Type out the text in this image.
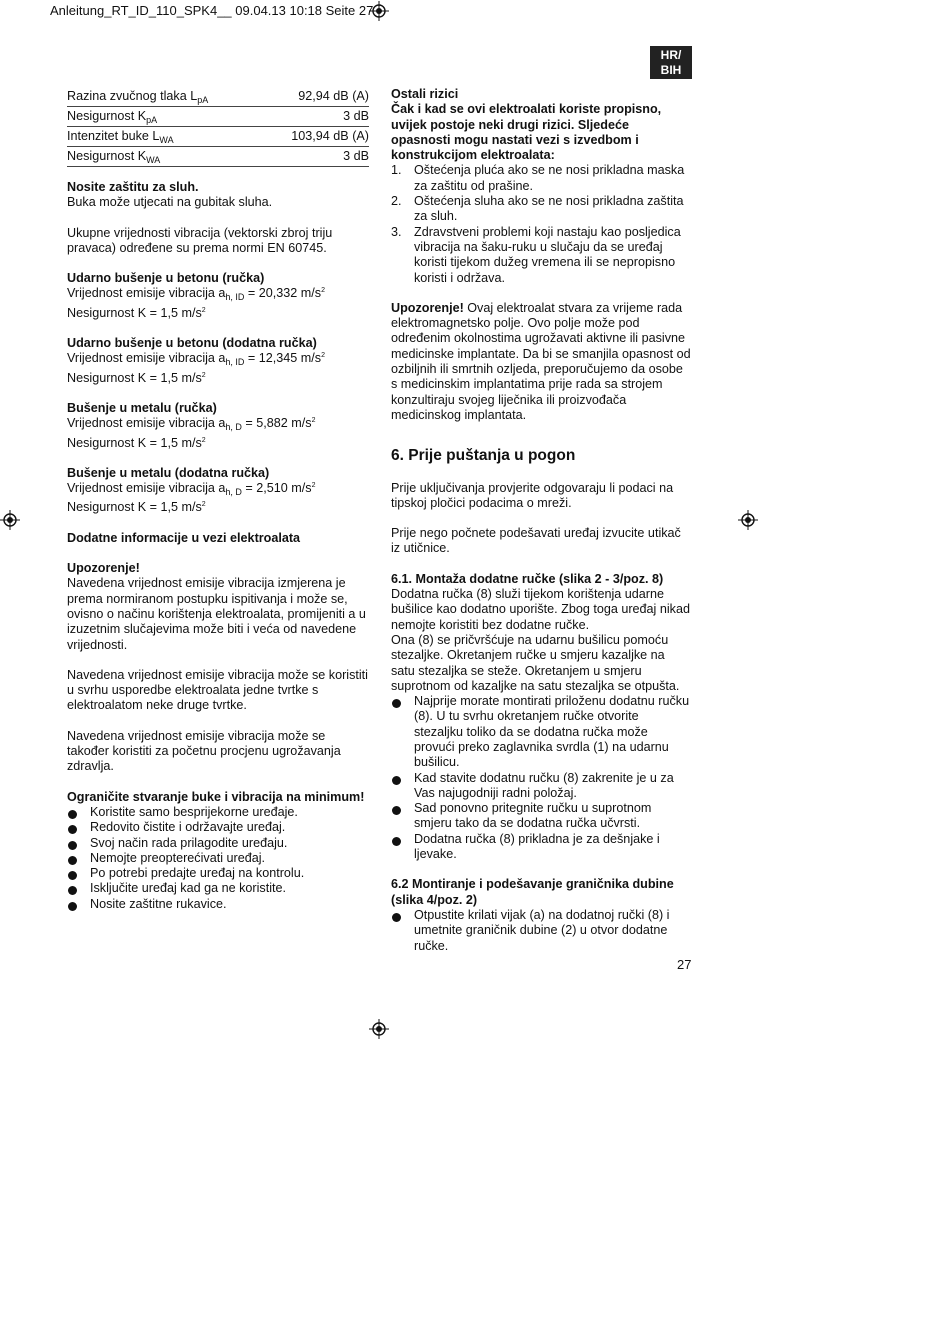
Anleitung_RT_ID_110_SPK4__ 09.04.13 10:18 Seite 27
HR/
BIH
Razina zvučnog tlaka $L_{pA}$	92,94 dB (A)
Nesigurnost $K_{pA}$	3 dB
Intenzitet buke $L_{WA}$	103,94 dB (A)
Nesigurnost $K_{WA}$	3 dB

Nosite zaštitu za sluh.

Buka može utjecati na gubitak sluha.

Ukupne vrijednosti vibracija (vektorski zbroj triju pravaca) određene su prema normi EN 60745.

Udarno bušenje u betonu (ručka)

Vrijednost emisije vibracija $a_{h, ID} = 20,332$ $m/s^2$

Nesigurnost K = 1,5 $m/s^2$

Udarno bušenje u betonu (dodatna ručka)

Vrijednost emisije vibracija $a_{h, ID} = 12,345$ $m/s^2$

Nesigurnost K = 1,5 $m/s^2$

Bušenje u metalu (ručka)

Vrijednost emisije vibracija $a_{h, D} = 5,882$ $m/s^2$

Nesigurnost K = 1,5 $m/s^2$

Bušenje u metalu (dodatna ručka)

Vrijednost emisije vibracija $a_{h, D} = 2,510$ $m/s^2$

Nesigurnost K = 1,5 $m/s^2$

Dodatne informacije u vezi elektroalata

Upozorenje!

Navedena vrijednost emisije vibracija izmjerena je prema normiranom postupku ispitivanja i može se, ovisno o načinu korištenja elektroalata, promijeniti a u izuzetnim slučajevima može biti i veća od navedene vrijednosti.

Navedena vrijednost emisije vibracija može se koristiti u svrhu usporedbe elektroalata jedne tvrtke s elektroalatom neke druge tvrtke.

Navedena vrijednost emisije vibracija može se također koristiti za početnu procjenu ugrožavanja zdravlja.

Ograničite stvaranje buke i vibracija na minimum!

Koristite samo besprijekorne uređaje.
Redovito čistite i održavajte uređaj.
Svoj način rada prilagodite uređaju.
Nemojte preopterećivati uređaj.
Po potrebi predajte uređaj na kontrolu.
Isključite uređaj kad ga ne koristite.
Nosite zaštitne rukavice.

Ostali rizici

Čak i kad se ovi elektroalati koriste propisno, uvijek postoje neki drugi rizici. Sljedeće opasnosti mogu nastati vezi s izvedbom i konstrukcijom elektroalata:

1. Oštećenja pluća ako se ne nosi prikladna maska za zaštitu od prašine.
2. Oštećenja sluha ako se ne nosi prikladna zaštita za sluh.
3. Zdravstveni problemi koji nastaju kao posljedica vibracija na šaku-ruku u slučaju da se uređaj koristi tijekom dužeg vremena ili se nepropisno koristi i održava.

Upozorenje! Ovaj elektroalat stvara za vrijeme rada elektromagnetsko polje. Ovo polje može pod određenim okolnostima ugrožavati aktivne ili pasivne medicinske implantate. Da bi se smanjila opasnost od ozbiljnih ili smrtnih ozljeda, preporučujemo da osobe s medicinskim implantatima prije rada sa strojem konzultiraju svojeg liječnika ili proizvođača medicinskog implantata.

6. Prije puštanja u pogon

Prije uključivanja provjerite odgovaraju li podaci na tipskoj pločici podacima o mreži.

Prije nego počnete podešavati uređaj izvucite utikač iz utičnice.

6.1. Montaža dodatne ručke (slika 2 - 3/poz. 8)

Dodatna ručka (8) služi tijekom korištenja udarne bušilice kao dodatno uporište. Zbog toga uređaj nikad nemojte koristiti bez dodatne ručke.

Ona (8) se pričvršćuje na udarnu bušilicu pomoću stezaljke. Okretanjem ručke u smjeru kazaljke na satu stezaljka se steže. Okretanjem u smjeru suprotnom od kazaljke na satu stezaljka se otpušta.

Najprije morate montirati priloženu dodatnu ručku (8). U tu svrhu okretanjem ručke otvorite stezaljku toliko da se dodatna ručka može provući preko zaglavnika svrdla (1) na udarnu bušilicu.
Kad stavite dodatnu ručku (8) zakrenite je u za Vas najugodniji radni položaj.
Sad ponovno pritegnite ručku u suprotnom smjeru tako da se dodatna ručka učvrsti.
Dodatna ručka (8) prikladna je za dešnjake i ljevake.

6.2 Montiranje i podešavanje graničnika dubine (slika 4/poz. 2)

Otpustite krilati vijak (a) na dodatnoj ručki (8) i umetnite graničnik dubine (2) u otvor dodatne ručke.
27
